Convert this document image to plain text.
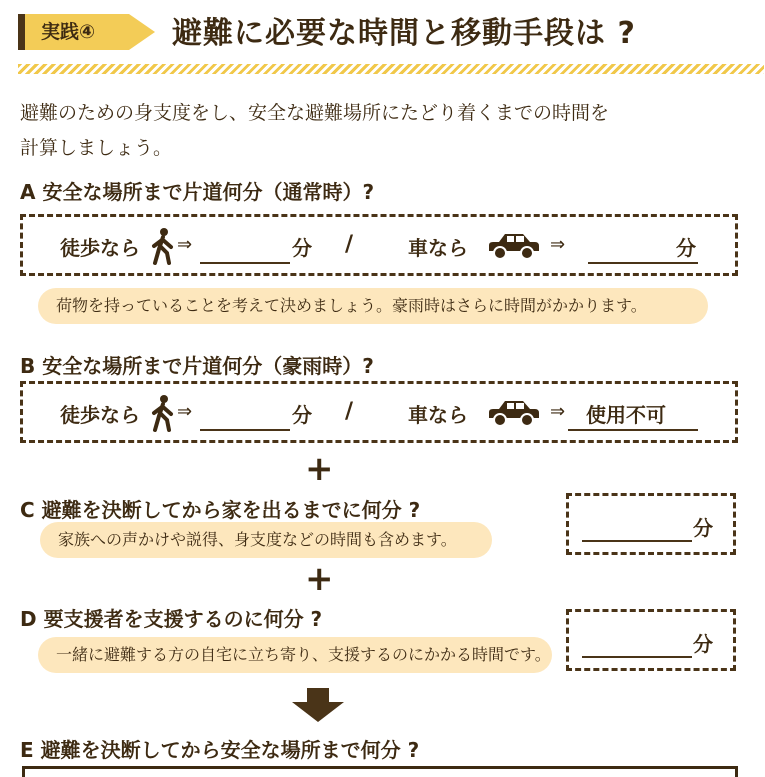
実践④	避難に必要な時間と移動手段は ?
避難のための身支度をし、安全な避難場所にたどり着くまでの時間を
計算しましょう。
A 安全な場所まで片道何分（通常時）?
徒歩なら ⇒	分 /	車なら	⇒	分
荷物を持っていることを考えて決めましょう。豪雨時はさらに時間がかかります。
B 安全な場所まで片道何分（豪雨時）?
徒歩なら ⇒	分 /	車なら	⇒ 使用不可
+
C 避難を決断してから家を出るまでに何分 ?
家族への声かけや説得、身支度などの時間も含めます。	分
+
D 要支援者を支援するのに何分 ?
一緒に避難する方の自宅に立ち寄り、支援するのにかかる時間です。	分
E 避難を決断してから安全な場所まで何分 ?
